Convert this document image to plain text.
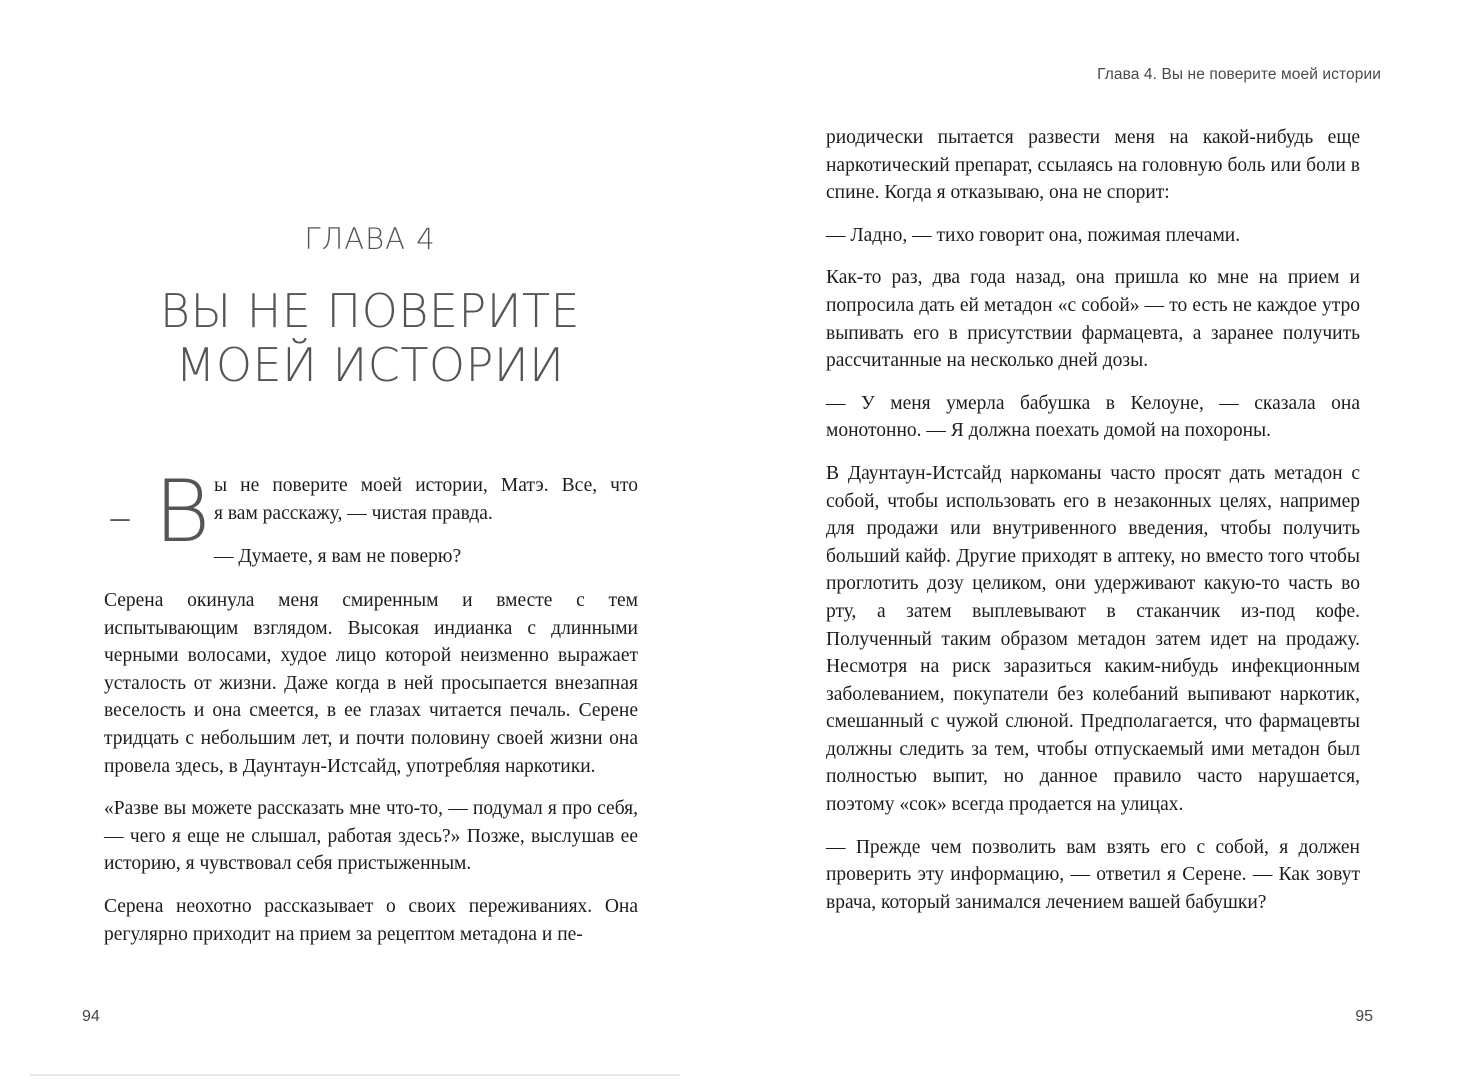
ГЛАВА 4
ВЫ НЕ ПОВЕРИТЕ
МОЕЙ ИСТОРИИ
– В ы не поверите моей истории, Матэ. Все, что
я вам расскажу, — чистая правда.
— Думаете, я вам не поверю?

Серена окинула меня смиренным и вместе с тем испытывающим взглядом. Высокая индианка с длинными черными волосами, худое лицо которой неизменно выражает усталость от жизни. Даже когда в ней просыпается внезапная веселость и она смеется, в ее глазах читается печаль. Серене тридцать с небольшим лет, и почти половину своей жизни она провела здесь, в Даунтаун-Истсайд, употребляя наркотики.

«Разве вы можете рассказать мне что-то, — подумал я про себя, — чего я еще не слышал, работая здесь?» Позже, выслушав ее историю, я чувствовал себя пристыженным.

Серена неохотно рассказывает о своих переживаниях. Она регулярно приходит на прием за рецептом метадона и пе-

94
Глава 4. Вы не поверите моей истории

риодически пытается развести меня на какой-нибудь еще наркотический препарат, ссылаясь на головную боль или боли в спине. Когда я отказываю, она не спорит:

— Ладно, — тихо говорит она, пожимая плечами.

Как-то раз, два года назад, она пришла ко мне на прием и попросила дать ей метадон «с собой» — то есть не каждое утро выпивать его в присутствии фармацевта, а заранее получить рассчитанные на несколько дней дозы.

— У меня умерла бабушка в Келоуне, — сказала она монотонно. — Я должна поехать домой на похороны.

В Даунтаун-Истсайд наркоманы часто просят дать метадон с собой, чтобы использовать его в незаконных целях, например для продажи или внутривенного введения, чтобы получить больший кайф. Другие приходят в аптеку, но вместо того чтобы проглотить дозу целиком, они удерживают какую-то часть во рту, а затем выплевывают в стаканчик из-под кофе. Полученный таким образом метадон затем идет на продажу. Несмотря на риск заразиться каким-нибудь инфекционным заболеванием, покупатели без колебаний выпивают наркотик, смешанный с чужой слюной. Предполагается, что фармацевты должны следить за тем, чтобы отпускаемый ими метадон был полностью выпит, но данное правило часто нарушается, поэтому «сок» всегда продается на улицах.

— Прежде чем позволить вам взять его с собой, я должен проверить эту информацию, — ответил я Серене. — Как зовут врача, который занимался лечением вашей бабушки?

95
